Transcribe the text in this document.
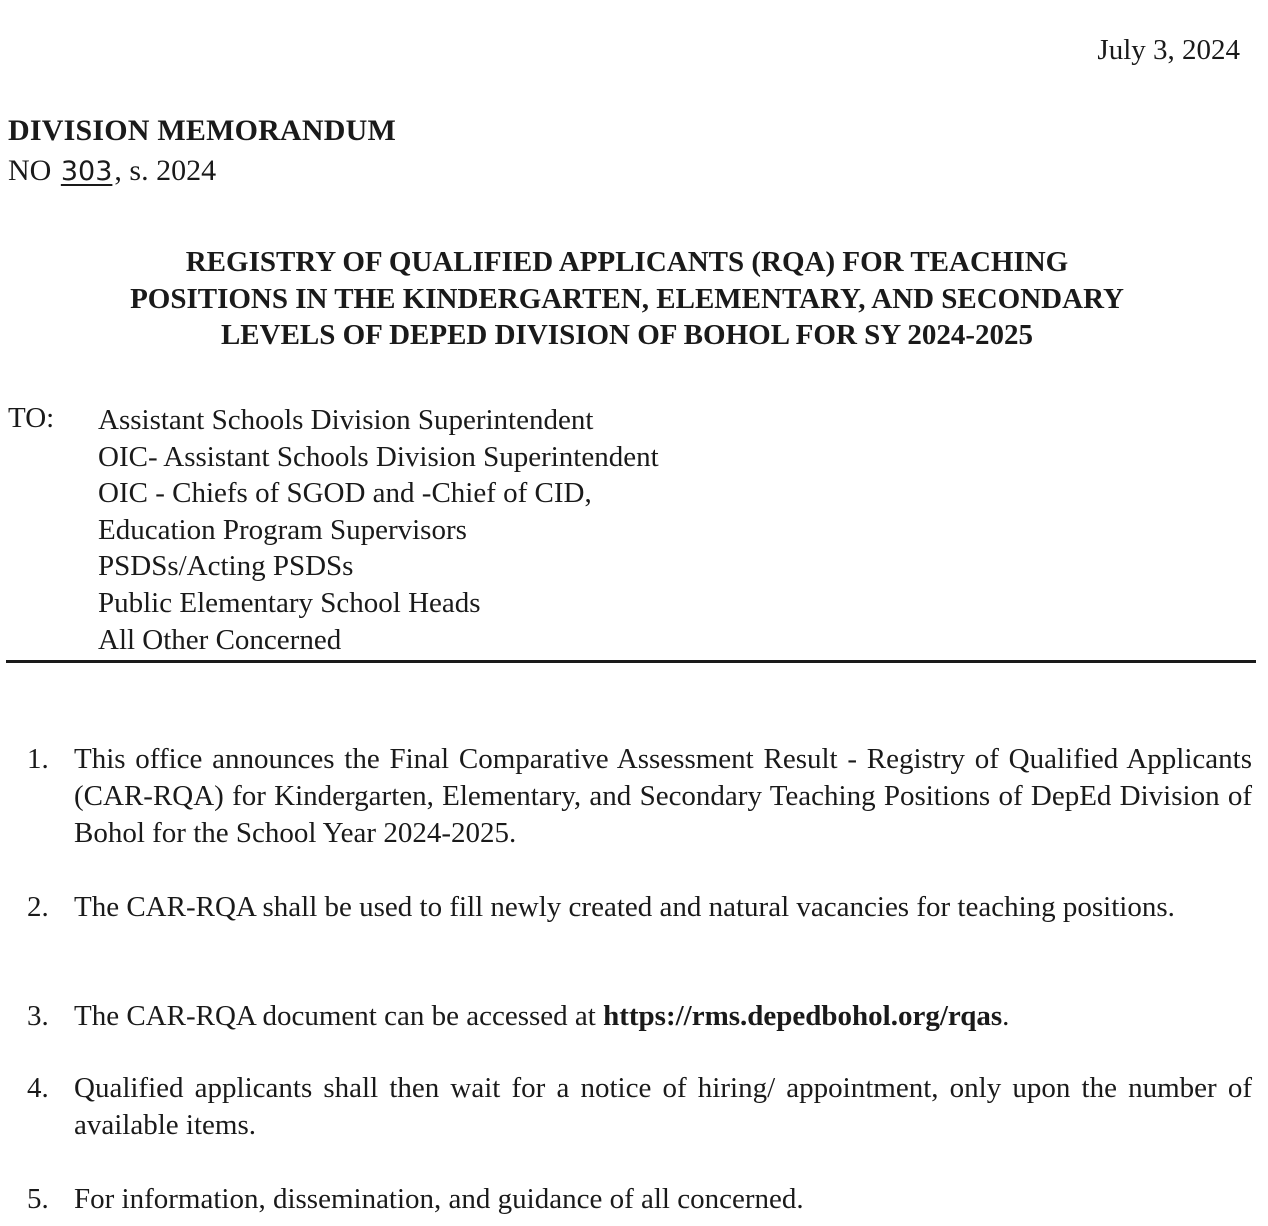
July 3, 2024
DIVISION MEMORANDUM
NO 303, s. 2024
REGISTRY OF QUALIFIED APPLICANTS (RQA) FOR TEACHING
POSITIONS IN THE KINDERGARTEN, ELEMENTARY, AND SECONDARY
LEVELS OF DEPED DIVISION OF BOHOL FOR SY 2024-2025
TO: Assistant Schools Division Superintendent
OIC- Assistant Schools Division Superintendent
OIC - Chiefs of SGOD and -Chief of CID,
Education Program Supervisors
PSDSs/Acting PSDSs
Public Elementary School Heads
All Other Concerned
1. This office announces the Final Comparative Assessment Result - Registry of Qualified Applicants (CAR-RQA) for Kindergarten, Elementary, and Secondary Teaching Positions of DepEd Division of Bohol for the School Year 2024-2025.
2. The CAR-RQA shall be used to fill newly created and natural vacancies for teaching positions.
3. The CAR-RQA document can be accessed at https://rms.depedbohol.org/rqas.
4. Qualified applicants shall then wait for a notice of hiring/ appointment, only upon the number of available items.
5. For information, dissemination, and guidance of all concerned.
